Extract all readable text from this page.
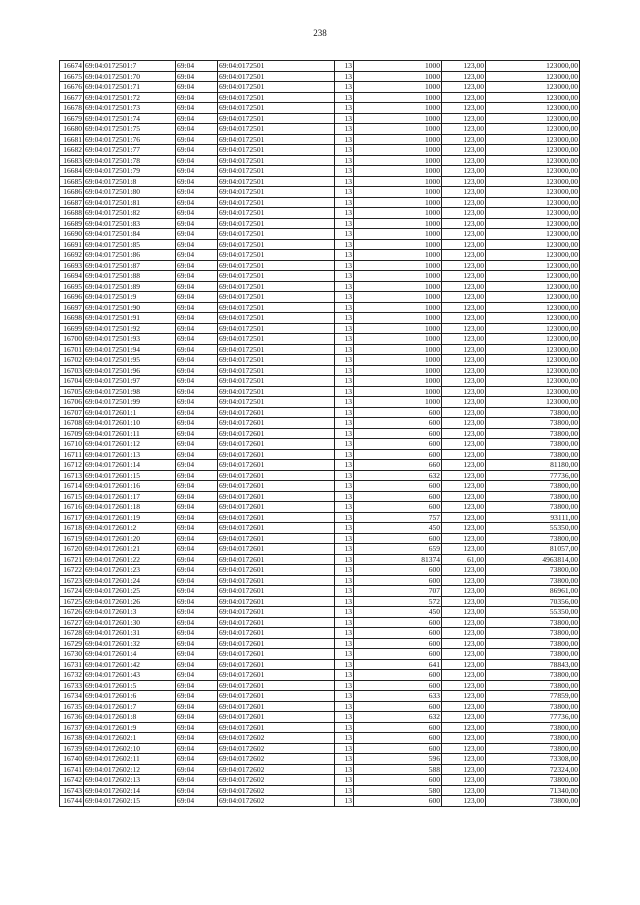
238
16674	69:04:0172501:7	69:04	69:04:0172501	13	1000	123,00	123000,00
16675	69:04:0172501:70	69:04	69:04:0172501	13	1000	123,00	123000,00
16676	69:04:0172501:71	69:04	69:04:0172501	13	1000	123,00	123000,00
16677	69:04:0172501:72	69:04	69:04:0172501	13	1000	123,00	123000,00
16678	69:04:0172501:73	69:04	69:04:0172501	13	1000	123,00	123000,00
16679	69:04:0172501:74	69:04	69:04:0172501	13	1000	123,00	123000,00
16680	69:04:0172501:75	69:04	69:04:0172501	13	1000	123,00	123000,00
16681	69:04:0172501:76	69:04	69:04:0172501	13	1000	123,00	123000,00
16682	69:04:0172501:77	69:04	69:04:0172501	13	1000	123,00	123000,00
16683	69:04:0172501:78	69:04	69:04:0172501	13	1000	123,00	123000,00
16684	69:04:0172501:79	69:04	69:04:0172501	13	1000	123,00	123000,00
16685	69:04:0172501:8	69:04	69:04:0172501	13	1000	123,00	123000,00
16686	69:04:0172501:80	69:04	69:04:0172501	13	1000	123,00	123000,00
16687	69:04:0172501:81	69:04	69:04:0172501	13	1000	123,00	123000,00
16688	69:04:0172501:82	69:04	69:04:0172501	13	1000	123,00	123000,00
16689	69:04:0172501:83	69:04	69:04:0172501	13	1000	123,00	123000,00
16690	69:04:0172501:84	69:04	69:04:0172501	13	1000	123,00	123000,00
16691	69:04:0172501:85	69:04	69:04:0172501	13	1000	123,00	123000,00
16692	69:04:0172501:86	69:04	69:04:0172501	13	1000	123,00	123000,00
16693	69:04:0172501:87	69:04	69:04:0172501	13	1000	123,00	123000,00
16694	69:04:0172501:88	69:04	69:04:0172501	13	1000	123,00	123000,00
16695	69:04:0172501:89	69:04	69:04:0172501	13	1000	123,00	123000,00
16696	69:04:0172501:9	69:04	69:04:0172501	13	1000	123,00	123000,00
16697	69:04:0172501:90	69:04	69:04:0172501	13	1000	123,00	123000,00
16698	69:04:0172501:91	69:04	69:04:0172501	13	1000	123,00	123000,00
16699	69:04:0172501:92	69:04	69:04:0172501	13	1000	123,00	123000,00
16700	69:04:0172501:93	69:04	69:04:0172501	13	1000	123,00	123000,00
16701	69:04:0172501:94	69:04	69:04:0172501	13	1000	123,00	123000,00
16702	69:04:0172501:95	69:04	69:04:0172501	13	1000	123,00	123000,00
16703	69:04:0172501:96	69:04	69:04:0172501	13	1000	123,00	123000,00
16704	69:04:0172501:97	69:04	69:04:0172501	13	1000	123,00	123000,00
16705	69:04:0172501:98	69:04	69:04:0172501	13	1000	123,00	123000,00
16706	69:04:0172501:99	69:04	69:04:0172501	13	1000	123,00	123000,00
16707	69:04:0172601:1	69:04	69:04:0172601	13	600	123,00	73800,00
16708	69:04:0172601:10	69:04	69:04:0172601	13	600	123,00	73800,00
16709	69:04:0172601:11	69:04	69:04:0172601	13	600	123,00	73800,00
16710	69:04:0172601:12	69:04	69:04:0172601	13	600	123,00	73800,00
16711	69:04:0172601:13	69:04	69:04:0172601	13	600	123,00	73800,00
16712	69:04:0172601:14	69:04	69:04:0172601	13	660	123,00	81180,00
16713	69:04:0172601:15	69:04	69:04:0172601	13	632	123,00	77736,00
16714	69:04:0172601:16	69:04	69:04:0172601	13	600	123,00	73800,00
16715	69:04:0172601:17	69:04	69:04:0172601	13	600	123,00	73800,00
16716	69:04:0172601:18	69:04	69:04:0172601	13	600	123,00	73800,00
16717	69:04:0172601:19	69:04	69:04:0172601	13	757	123,00	93111,00
16718	69:04:0172601:2	69:04	69:04:0172601	13	450	123,00	55350,00
16719	69:04:0172601:20	69:04	69:04:0172601	13	600	123,00	73800,00
16720	69:04:0172601:21	69:04	69:04:0172601	13	659	123,00	81057,00
16721	69:04:0172601:22	69:04	69:04:0172601	13	81374	61,00	4963814,00
16722	69:04:0172601:23	69:04	69:04:0172601	13	600	123,00	73800,00
16723	69:04:0172601:24	69:04	69:04:0172601	13	600	123,00	73800,00
16724	69:04:0172601:25	69:04	69:04:0172601	13	707	123,00	86961,00
16725	69:04:0172601:26	69:04	69:04:0172601	13	572	123,00	70356,00
16726	69:04:0172601:3	69:04	69:04:0172601	13	450	123,00	55350,00
16727	69:04:0172601:30	69:04	69:04:0172601	13	600	123,00	73800,00
16728	69:04:0172601:31	69:04	69:04:0172601	13	600	123,00	73800,00
16729	69:04:0172601:32	69:04	69:04:0172601	13	600	123,00	73800,00
16730	69:04:0172601:4	69:04	69:04:0172601	13	600	123,00	73800,00
16731	69:04:0172601:42	69:04	69:04:0172601	13	641	123,00	78843,00
16732	69:04:0172601:43	69:04	69:04:0172601	13	600	123,00	73800,00
16733	69:04:0172601:5	69:04	69:04:0172601	13	600	123,00	73800,00
16734	69:04:0172601:6	69:04	69:04:0172601	13	633	123,00	77859,00
16735	69:04:0172601:7	69:04	69:04:0172601	13	600	123,00	73800,00
16736	69:04:0172601:8	69:04	69:04:0172601	13	632	123,00	77736,00
16737	69:04:0172601:9	69:04	69:04:0172601	13	600	123,00	73800,00
16738	69:04:0172602:1	69:04	69:04:0172602	13	600	123,00	73800,00
16739	69:04:0172602:10	69:04	69:04:0172602	13	600	123,00	73800,00
16740	69:04:0172602:11	69:04	69:04:0172602	13	596	123,00	73308,00
16741	69:04:0172602:12	69:04	69:04:0172602	13	588	123,00	72324,00
16742	69:04:0172602:13	69:04	69:04:0172602	13	600	123,00	73800,00
16743	69:04:0172602:14	69:04	69:04:0172602	13	580	123,00	71340,00
16744	69:04:0172602:15	69:04	69:04:0172602	13	600	123,00	73800,00
